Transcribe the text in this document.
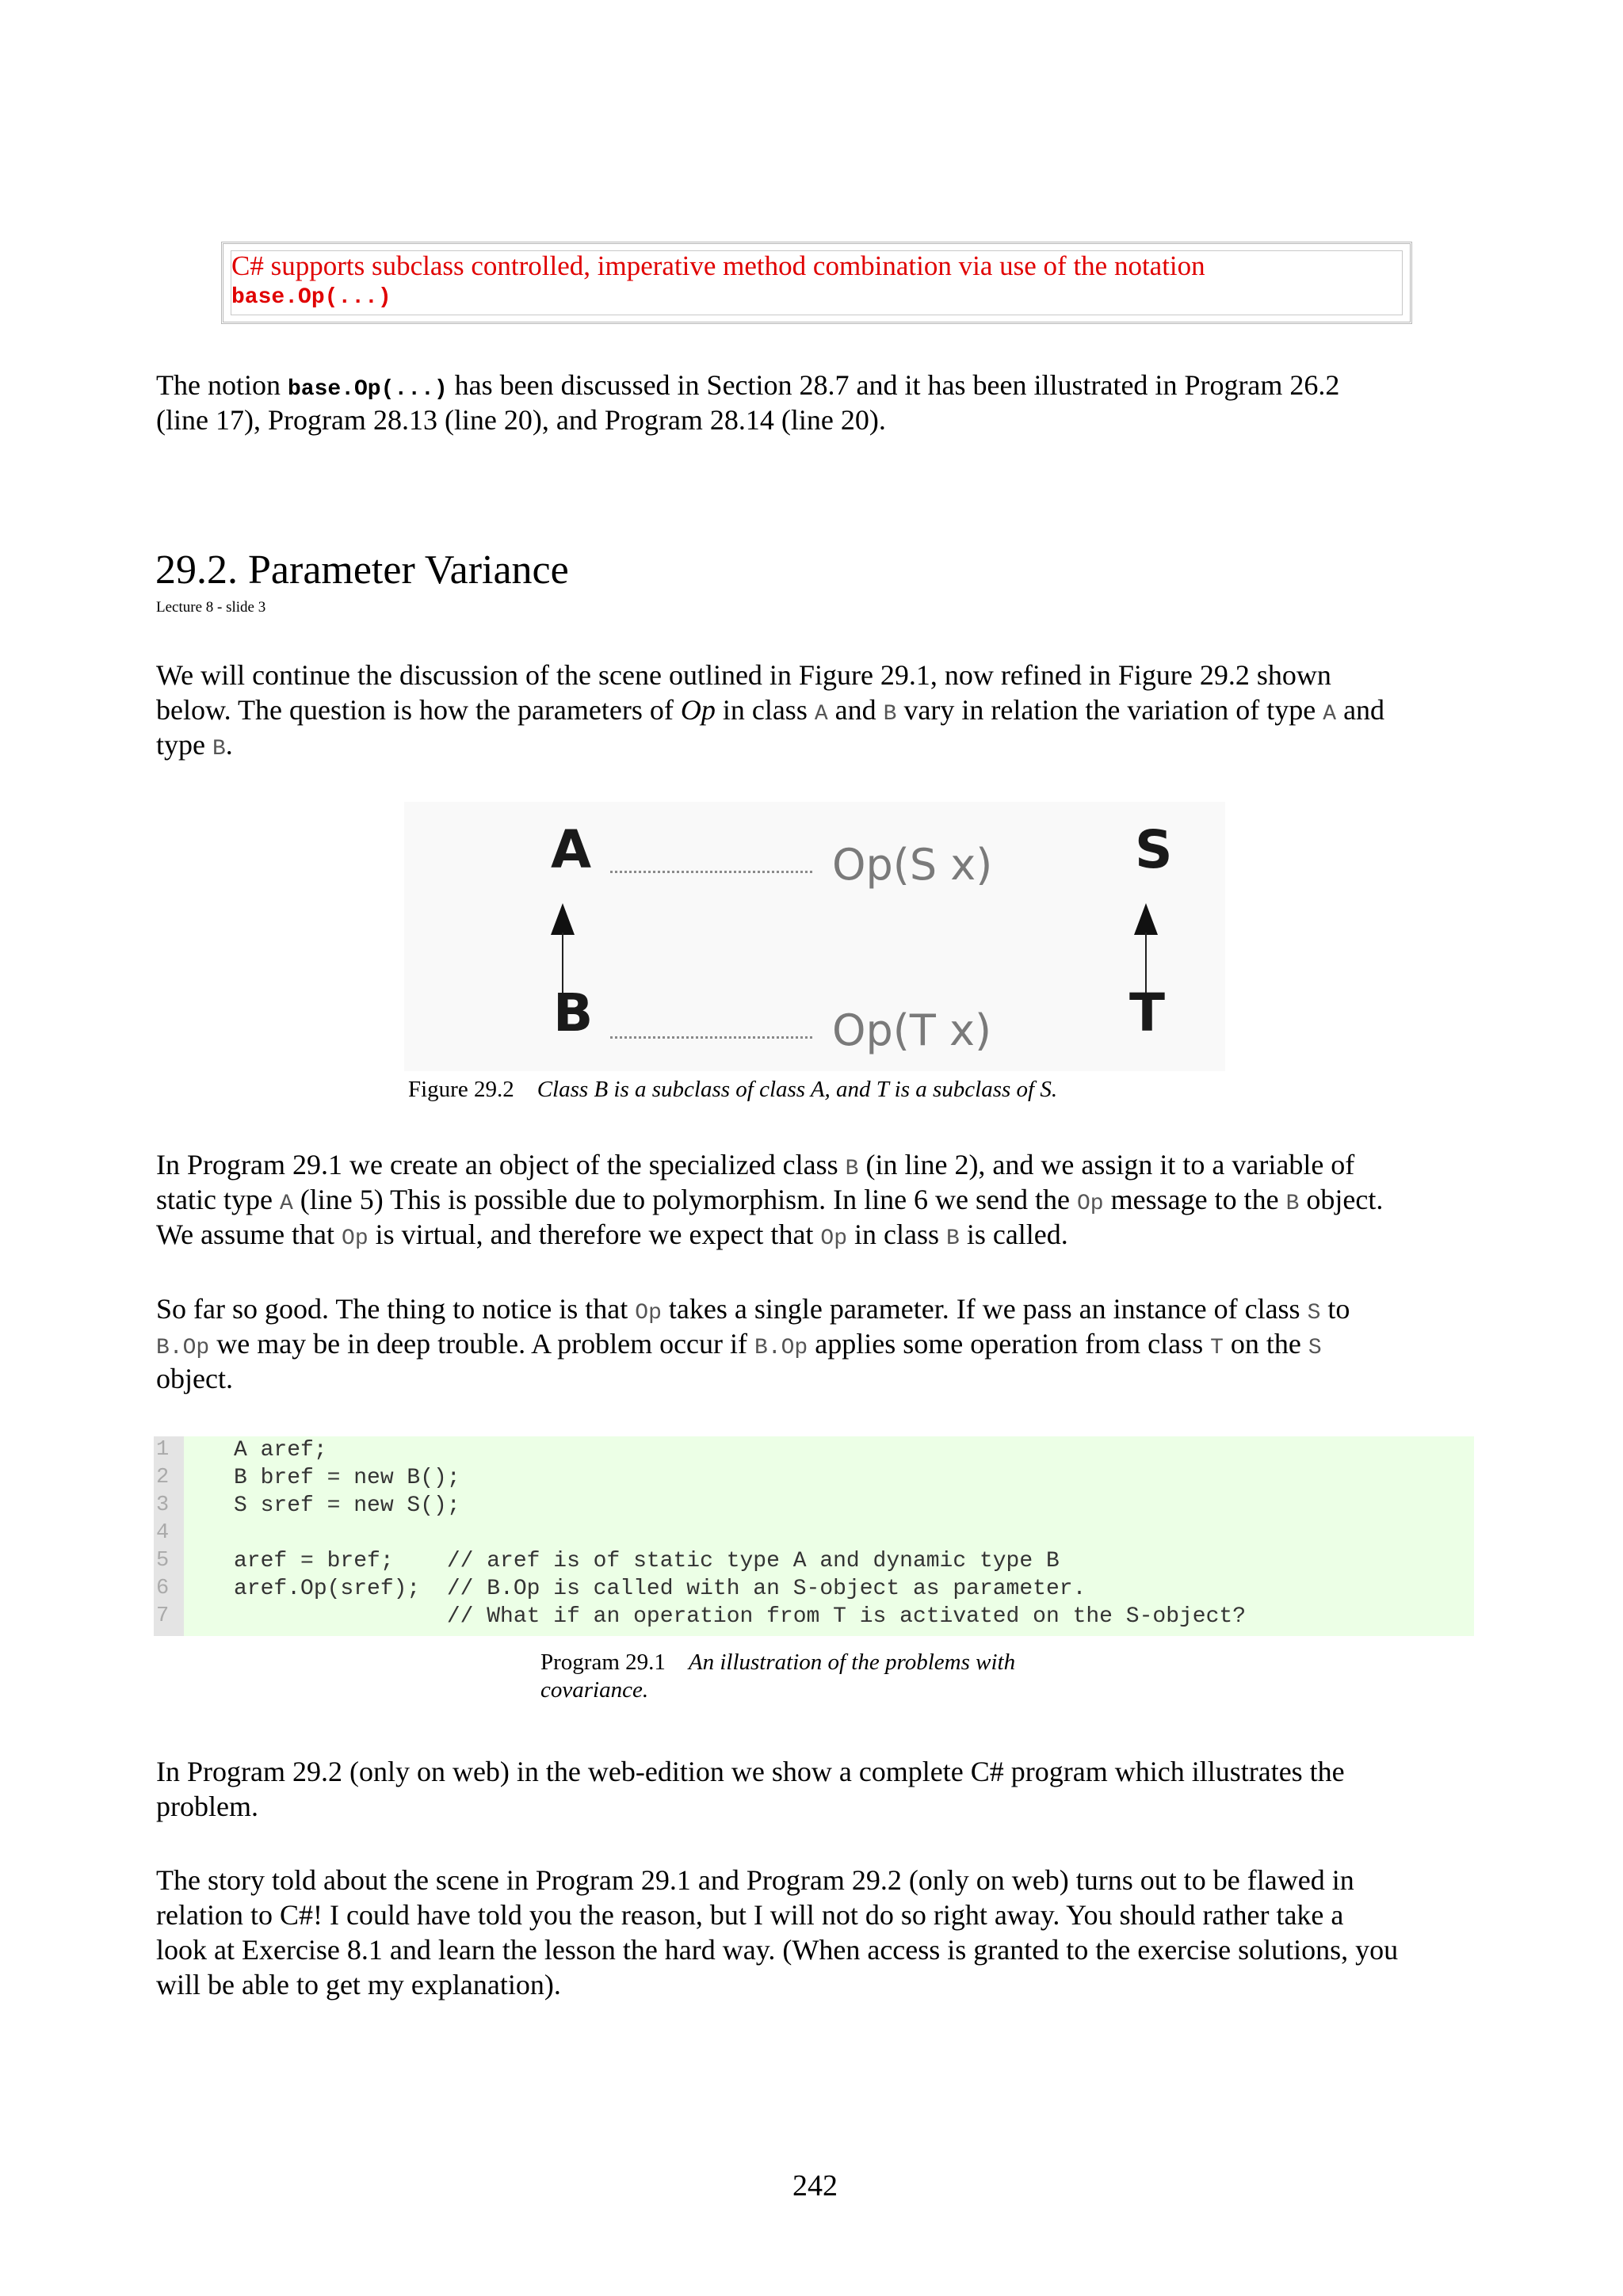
C# supports subclass controlled, imperative method combination via use of the notation
base.Op(...)
The notion base.Op(...) has been discussed in Section 28.7 and it has been illustrated in Program 26.2
(line 17), Program 28.13 (line 20), and Program 28.14 (line 20).
29.2. Parameter Variance
Lecture 8 - slide 3
We will continue the discussion of the scene outlined in Figure 29.1, now refined in Figure 29.2 shown
below. The question is how the parameters of Op in class A and B vary in relation the variation of type A and
type B.
A	Op(S x)	S
B	Op(T x)	T
Figure 29.2 Class B is a subclass of class A, and T is a subclass of S.
In Program 29.1 we create an object of the specialized class B (in line 2), and we assign it to a variable of
static type A (line 5) This is possible due to polymorphism. In line 6 we send the Op message to the B object.
We assume that Op is virtual, and therefore we expect that Op in class B is called.
So far so good. The thing to notice is that Op takes a single parameter. If we pass an instance of class S to
B.Op we may be in deep trouble. A problem occur if B.Op applies some operation from class T on the S
object.
1
2
3
4
5
6
7
A aref;
B bref = new B();
S sref = new S();
aref = bref;    // aref is of static type A and dynamic type B
aref.Op(sref);  // B.Op is called with an S-object as parameter.
// What if an operation from T is activated on the S-object?
Program 29.1 An illustration of the problems with
covariance.
In Program 29.2 (only on web) in the web-edition we show a complete C# program which illustrates the
problem.
The story told about the scene in Program 29.1 and Program 29.2 (only on web) turns out to be flawed in
relation to C#! I could have told you the reason, but I will not do so right away. You should rather take a
look at Exercise 8.1 and learn the lesson the hard way. (When access is granted to the exercise solutions, you
will be able to get my explanation).
242
